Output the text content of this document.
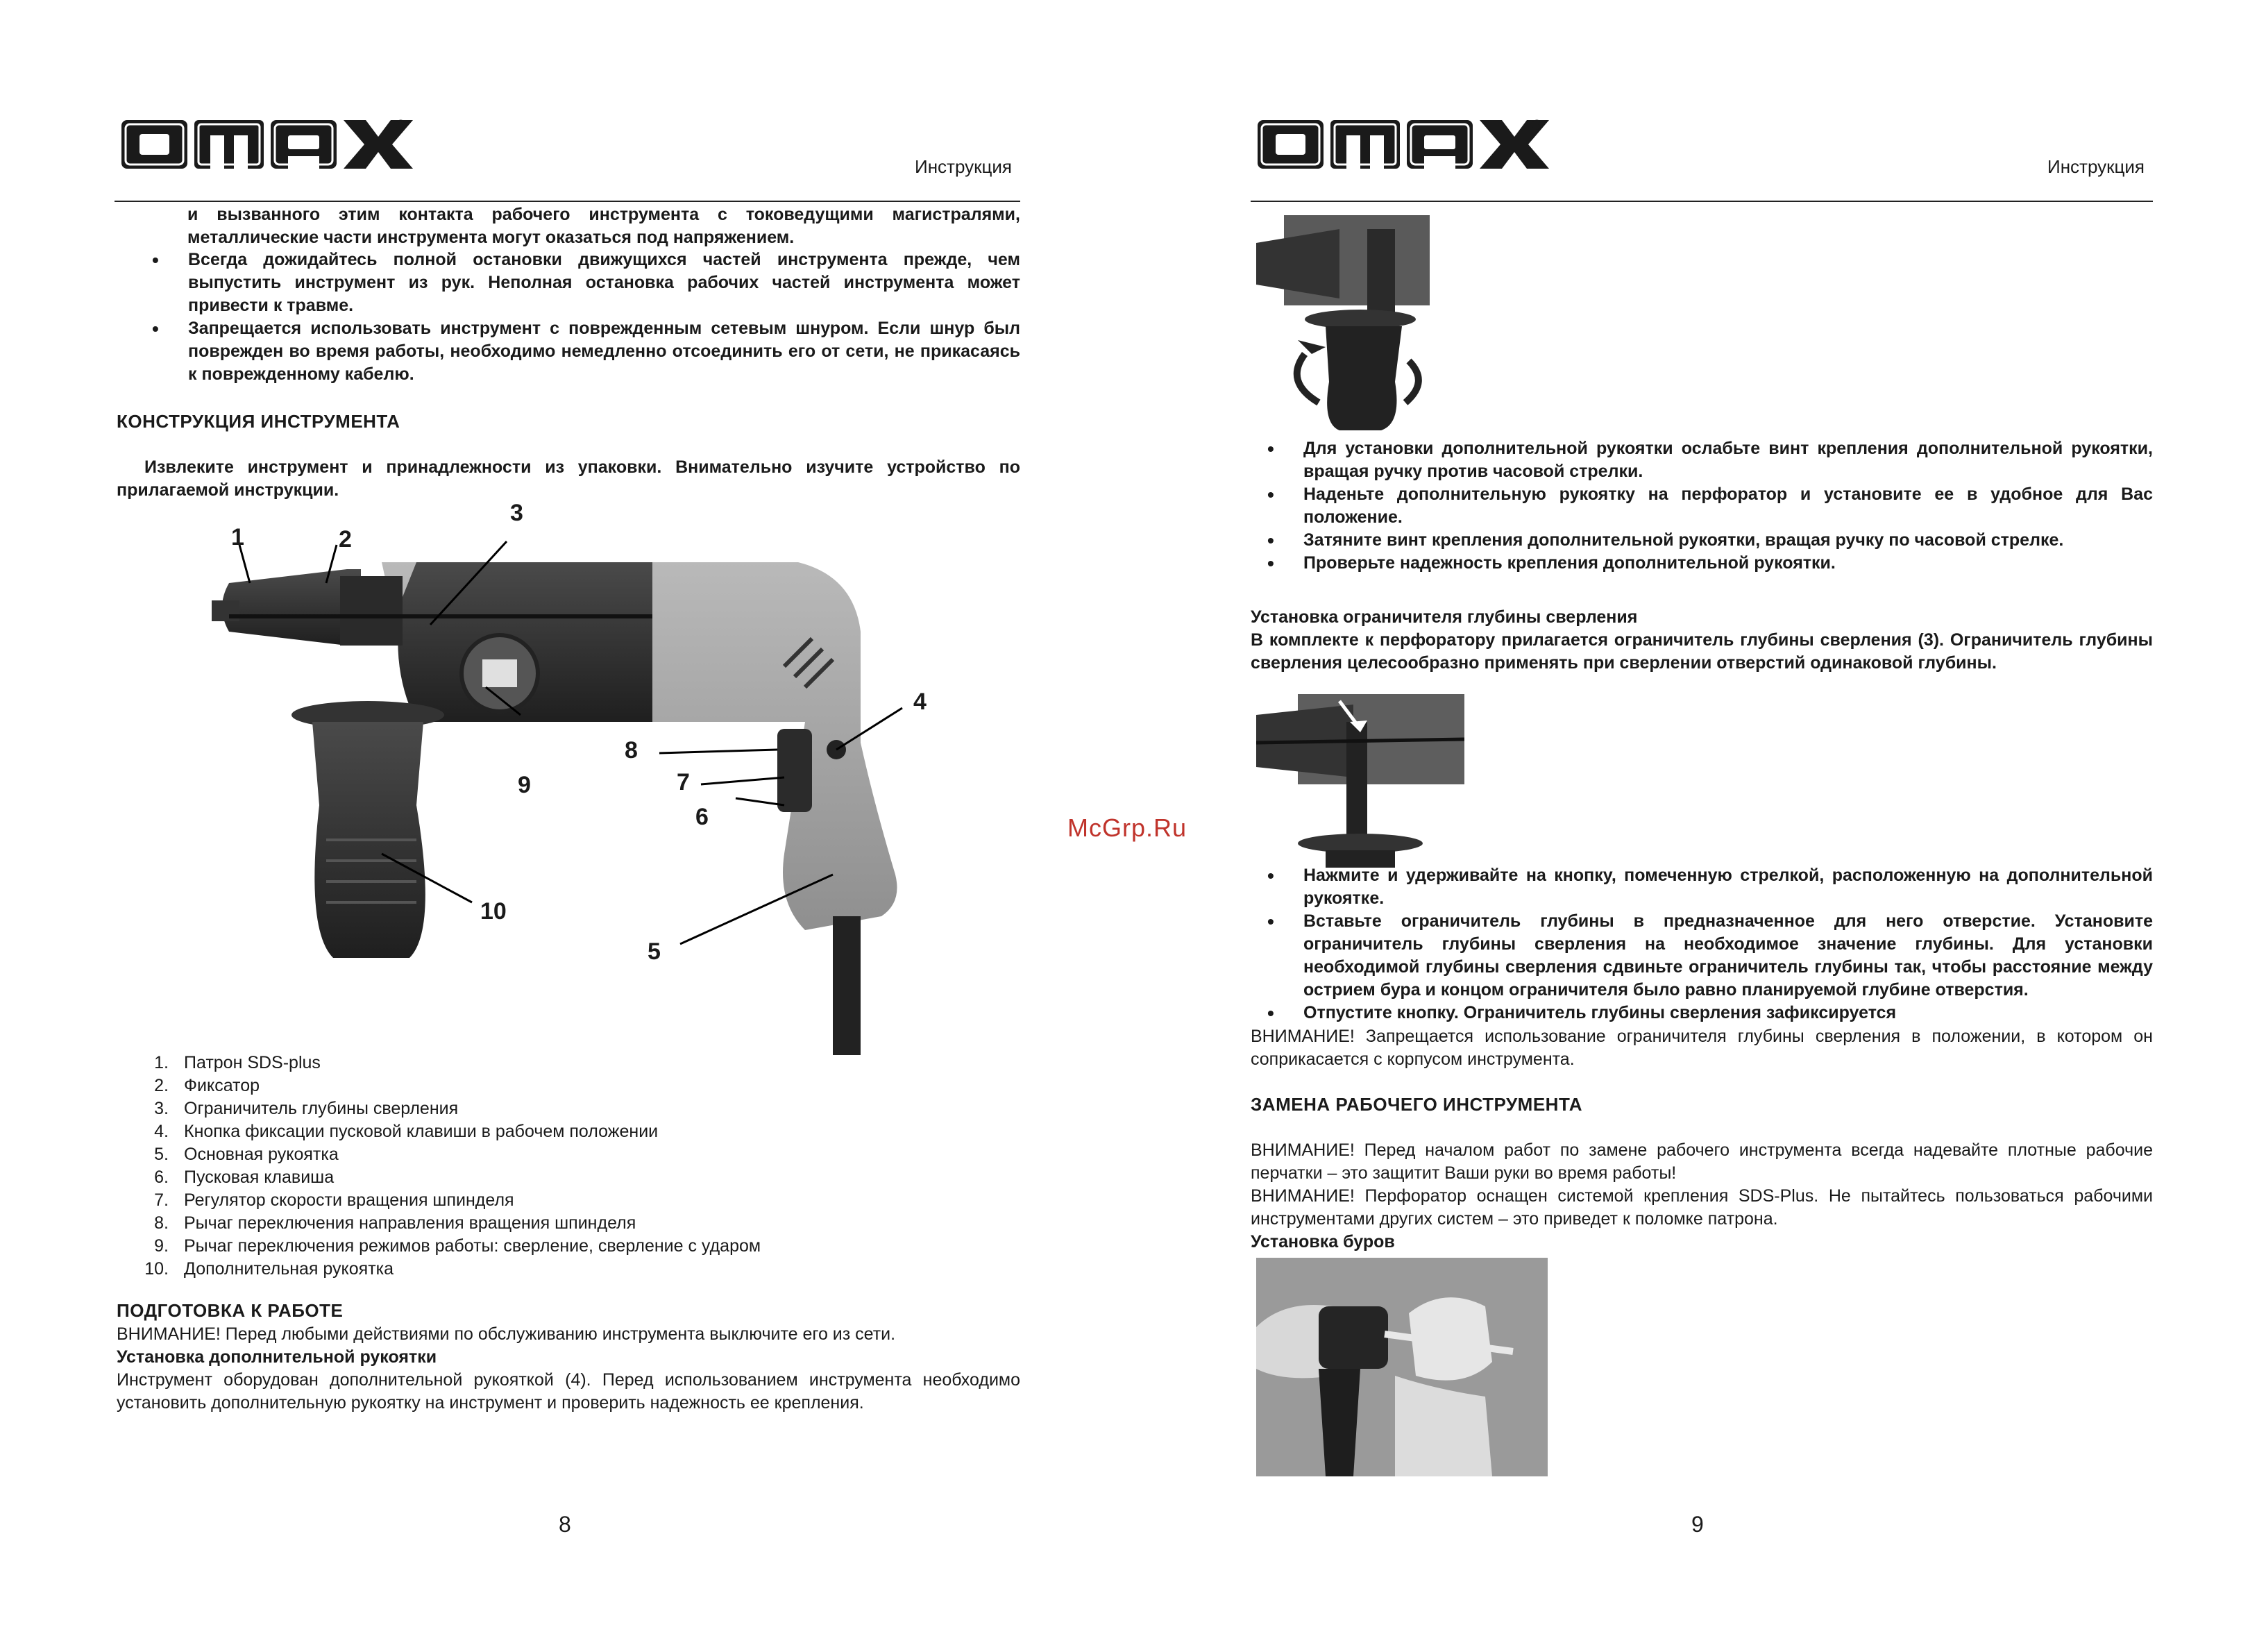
®
Инструкция
и вызванного этим контакта рабочего инструмента с токоведущими магистралями, металлические части инструмента могут оказаться под напряжением.
• Всегда дожидайтесь полной остановки движущихся частей инструмента прежде, чем выпустить инструмент из рук. Неполная остановка рабочих частей инструмента может привести к травме.
• Запрещается использовать инструмент с поврежденным сетевым шнуром. Если шнур был поврежден во время работы, необходимо немедленно отсоединить его от сети, не прикасаясь к поврежденному кабелю.
КОНСТРУКЦИЯ ИНСТРУМЕНТА
Извлеките инструмент и принадлежности из упаковки. Внимательно изучите устройство по прилагаемой инструкции.
1	2
3
4
5
6
7
8
9
10
1. Патрон SDS-plus
2. Фиксатор
3. Ограничитель глубины сверления
4. Кнопка фиксации пусковой клавиши в рабочем положении
5. Основная рукоятка
6. Пусковая клавиша
7. Регулятор скорости вращения шпинделя
8. Рычаг переключения направления вращения шпинделя
9. Рычаг переключения режимов работы: сверление, сверление с ударом
10. Дополнительная рукоятка
ПОДГОТОВКА К РАБОТЕ
ВНИМАНИЕ! Перед любыми действиями по обслуживанию инструмента выключите его из сети.
Установка дополнительной рукоятки
Инструмент оборудован дополнительной рукояткой (4). Перед использованием инструмента необходимо установить дополнительную рукоятку на инструмент и проверить надежность ее крепления.
8
McGrp.Ru
®
Инструкция
• Для установки дополнительной рукоятки ослабьте винт крепления дополнительной рукоятки, вращая ручку против часовой стрелки.
• Наденьте дополнительную рукоятку на перфоратор и установите ее в удобное для Вас положение.
• Затяните винт крепления дополнительной рукоятки, вращая ручку по часовой стрелке.
• Проверьте надежность крепления дополнительной рукоятки.
Установка ограничителя глубины сверления
В комплекте к перфоратору прилагается ограничитель глубины сверления (3). Ограничитель глубины сверления целесообразно применять при сверлении отверстий одинаковой глубины.
• Нажмите и удерживайте на кнопку, помеченную стрелкой, расположенную на дополнительной рукоятке.
• Вставьте ограничитель глубины в предназначенное для него отверстие. Установите ограничитель глубины сверления на необходимое значение глубины. Для установки необходимой глубины сверления сдвиньте ограничитель глубины так, чтобы расстояние между острием бура и концом ограничителя было равно планируемой глубине отверстия.
• Отпустите кнопку. Ограничитель глубины сверления зафиксируется
ВНИМАНИЕ! Запрещается использование ограничителя глубины сверления в положении, в котором он соприкасается с корпусом инструмента.
ЗАМЕНА РАБОЧЕГО ИНСТРУМЕНТА
ВНИМАНИЕ! Перед началом работ по замене рабочего инструмента всегда надевайте плотные рабочие перчатки – это защитит Ваши руки во время работы!
ВНИМАНИЕ! Перфоратор оснащен системой крепления SDS-Plus. Не пытайтесь пользоваться рабочими инструментами других систем – это приведет к поломке патрона.
Установка буров
9
